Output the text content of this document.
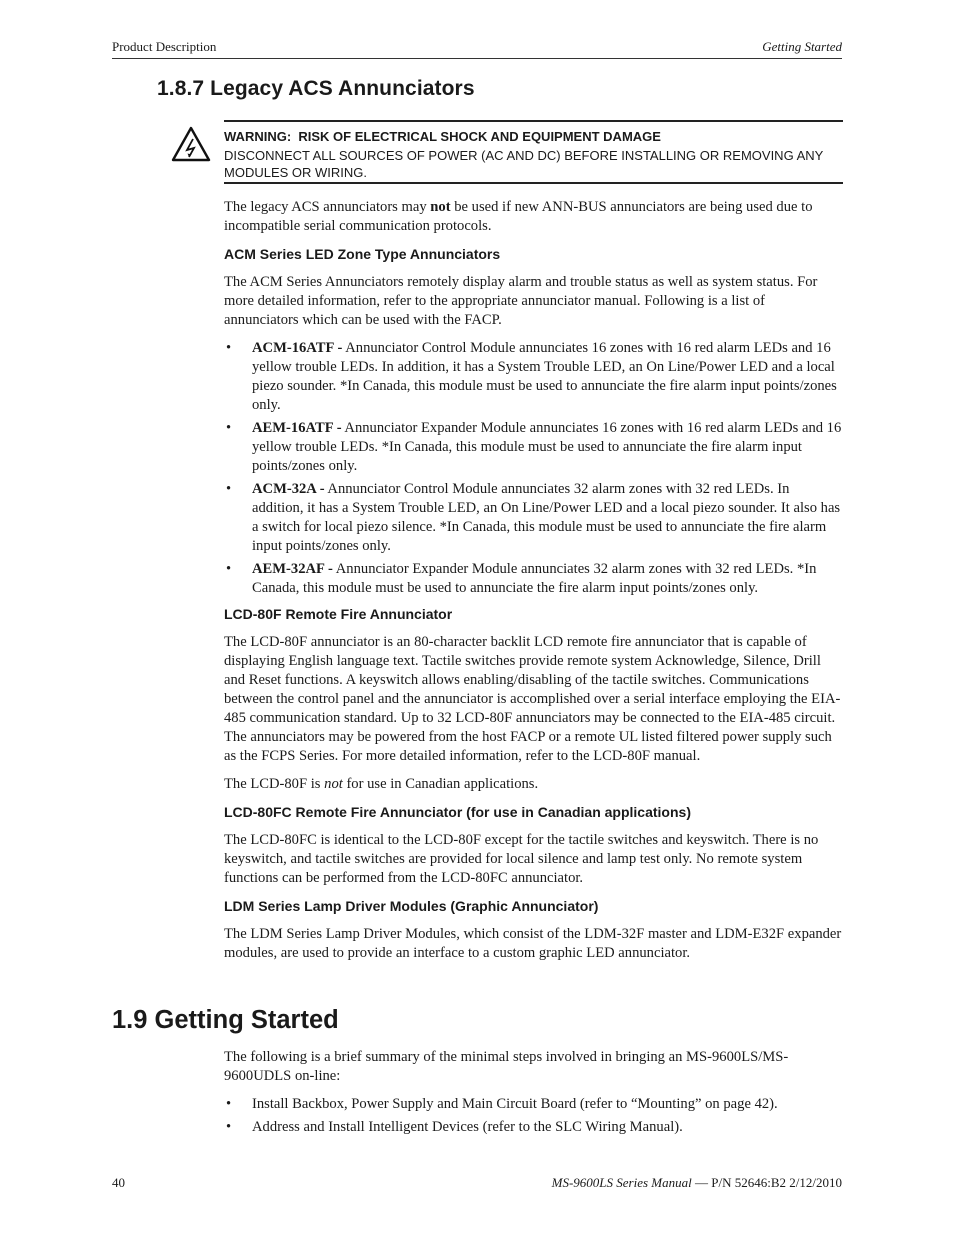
Product Description	Getting Started
1.8.7 Legacy ACS Annunciators
WARNING:  RISK OF ELECTRICAL SHOCK AND EQUIPMENT DAMAGE
DISCONNECT ALL SOURCES OF POWER (AC AND DC) BEFORE INSTALLING OR REMOVING ANY MODULES OR WIRING.

The legacy ACS annunciators may not be used if new ANN-BUS annunciators are being used due to incompatible serial communication protocols.

ACM Series LED Zone Type Annunciators

The ACM Series Annunciators remotely display alarm and trouble status as well as system status. For more detailed information, refer to the appropriate annunciator manual. Following is a list of annunciators which can be used with the FACP.

• ACM-16ATF - Annunciator Control Module annunciates 16 zones with 16 red alarm LEDs and 16 yellow trouble LEDs. In addition, it has a System Trouble LED, an On Line/Power LED and a local piezo sounder. *In Canada, this module must be used to annunciate the fire alarm input points/zones only.
• AEM-16ATF - Annunciator Expander Module annunciates 16 zones with 16 red alarm LEDs and 16 yellow trouble LEDs. *In Canada, this module must be used to annunciate the fire alarm input points/zones only.
• ACM-32A - Annunciator Control Module annunciates 32 alarm zones with 32 red LEDs. In addition, it has a System Trouble LED, an On Line/Power LED and a local piezo sounder. It also has a switch for local piezo silence. *In Canada, this module must be used to annunciate the fire alarm input points/zones only.
• AEM-32AF - Annunciator Expander Module annunciates 32 alarm zones with 32 red LEDs. *In Canada, this module must be used to annunciate the fire alarm input points/zones only.
LCD-80F Remote Fire Annunciator

The LCD-80F annunciator is an 80-character backlit LCD remote fire annunciator that is capable of displaying English language text. Tactile switches provide remote system Acknowledge, Silence, Drill and Reset functions. A keyswitch allows enabling/disabling of the tactile switches. Communications between the control panel and the annunciator is accomplished over a serial interface employing the EIA-485 communication standard. Up to 32 LCD-80F annunciators may be connected to the EIA-485 circuit. The annunciators may be powered from the host FACP or a remote UL listed filtered power supply such as the FCPS Series. For more detailed information, refer to the LCD-80F manual.

The LCD-80F is not for use in Canadian applications.

LCD-80FC Remote Fire Annunciator (for use in Canadian applications)

The LCD-80FC is identical to the LCD-80F except for the tactile switches and keyswitch. There is no keyswitch, and tactile switches are provided for local silence and lamp test only. No remote system functions can be performed from the LCD-80FC annunciator.

LDM Series Lamp Driver Modules (Graphic Annunciator)

The LDM Series Lamp Driver Modules, which consist of the LDM-32F master and LDM-E32F expander modules, are used to provide an interface to a custom graphic LED annunciator.

1.9 Getting Started

The following is a brief summary of the minimal steps involved in bringing an MS-9600LS/MS-9600UDLS on-line:

• Install Backbox, Power Supply and Main Circuit Board (refer to “Mounting” on page 42).
• Address and Install Intelligent Devices (refer to the SLC Wiring Manual).
40	MS-9600LS Series Manual — P/N 52646:B2 2/12/2010
